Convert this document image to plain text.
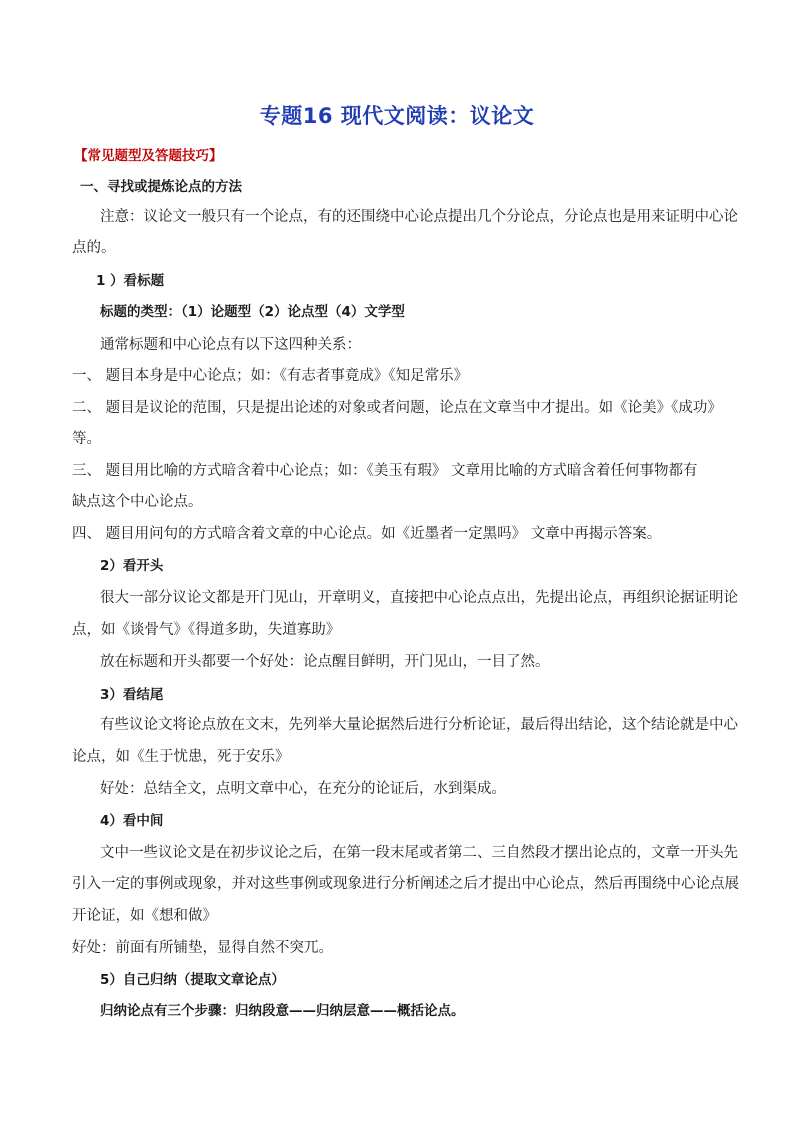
专题16 现代文阅读：议论文
【常见题型及答题技巧】
一、寻找或提炼论点的方法
注意：议论文一般只有一个论点，有的还围绕中心论点提出几个分论点，分论点也是用来证明中心论
点的。
1 ）看标题
标题的类型：（1）论题型（2）论点型（4）文学型
通常标题和中心论点有以下这四种关系：
一、 题目本身是中心论点；如：《有志者事竟成》《知足常乐》
二、 题目是议论的范围，只是提出论述的对象或者问题，论点在文章当中才提出。如《论美》《成功》
等。
三、 题目用比喻的方式暗含着中心论点；如：《美玉有瑕》 文章用比喻的方式暗含着任何事物都有
缺点这个中心论点。
四、 题目用问句的方式暗含着文章的中心论点。如《近墨者一定黑吗》 文章中再揭示答案。
2）看开头
很大一部分议论文都是开门见山，开章明义，直接把中心论点点出，先提出论点，再组织论据证明论
点，如《谈骨气》《得道多助，失道寡助》
放在标题和开头都要一个好处：论点醒目鲜明，开门见山，一目了然。
3）看结尾
有些议论文将论点放在文末，先列举大量论据然后进行分析论证，最后得出结论，这个结论就是中心
论点，如《生于忧患，死于安乐》
好处：总结全文，点明文章中心，在充分的论证后，水到渠成。
4）看中间
文中一些议论文是在初步议论之后，在第一段末尾或者第二、三自然段才摆出论点的，文章一开头先
引入一定的事例或现象，并对这些事例或现象进行分析阐述之后才提出中心论点，然后再围绕中心论点展
开论证，如《想和做》
好处：前面有所铺垫，显得自然不突兀。
5）自己归纳（提取文章论点）
归纳论点有三个步骤：归纳段意——归纳层意——概括论点。
